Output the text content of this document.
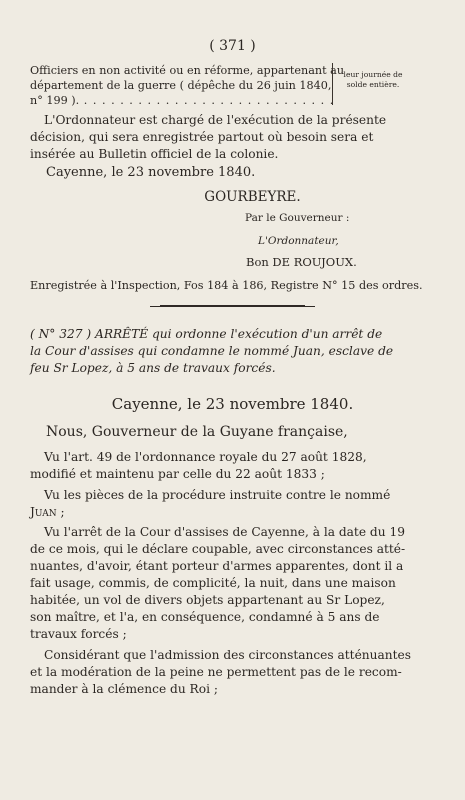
( 371 )
Officiers en non activité ou en réforme, appartenant au
département de la guerre ( dépêche du 26 juin 1840,
n° 199 ). . . . . . . . . . . . . . . . . . . . . . . . . . . . .
leur journée de
solde entière.
L'Ordonnateur est chargé de l'exécution de la présente
décision, qui sera enregistrée partout où besoin sera et
insérée au Bulletin officiel de la colonie.
Cayenne, le 23 novembre 1840.
GOURBEYRE.
Par le Gouverneur :
L'Ordonnateur,
Bon DE ROUJOUX.
Enregistrée à l'Inspection, Fos 184 à 186, Registre N° 15 des ordres.
( N° 327 ) ARRÊTÉ qui ordonne l'exécution d'un arrêt de
la Cour d'assises qui condamne le nommé Juan, esclave de
feu Sr Lopez, à 5 ans de travaux forcés.
Cayenne, le 23 novembre 1840.
Nous, Gouverneur de la Guyane française,
Vu l'art. 49 de l'ordonnance royale du 27 août 1828,
modifié et maintenu par celle du 22 août 1833 ;
Vu les pièces de la procédure instruite contre le nommé
Juan ;
Vu l'arrêt de la Cour d'assises de Cayenne, à la date du 19
de ce mois, qui le déclare coupable, avec circonstances atté-
nuantes, d'avoir, étant porteur d'armes apparentes, dont il a
fait usage, commis, de complicité, la nuit, dans une maison
habitée, un vol de divers objets appartenant au Sr Lopez,
son maître, et l'a, en conséquence, condamné à 5 ans de
travaux forcés ;
Considérant que l'admission des circonstances atténuantes
et la modération de la peine ne permettent pas de le recom-
mander à la clémence du Roi ;
